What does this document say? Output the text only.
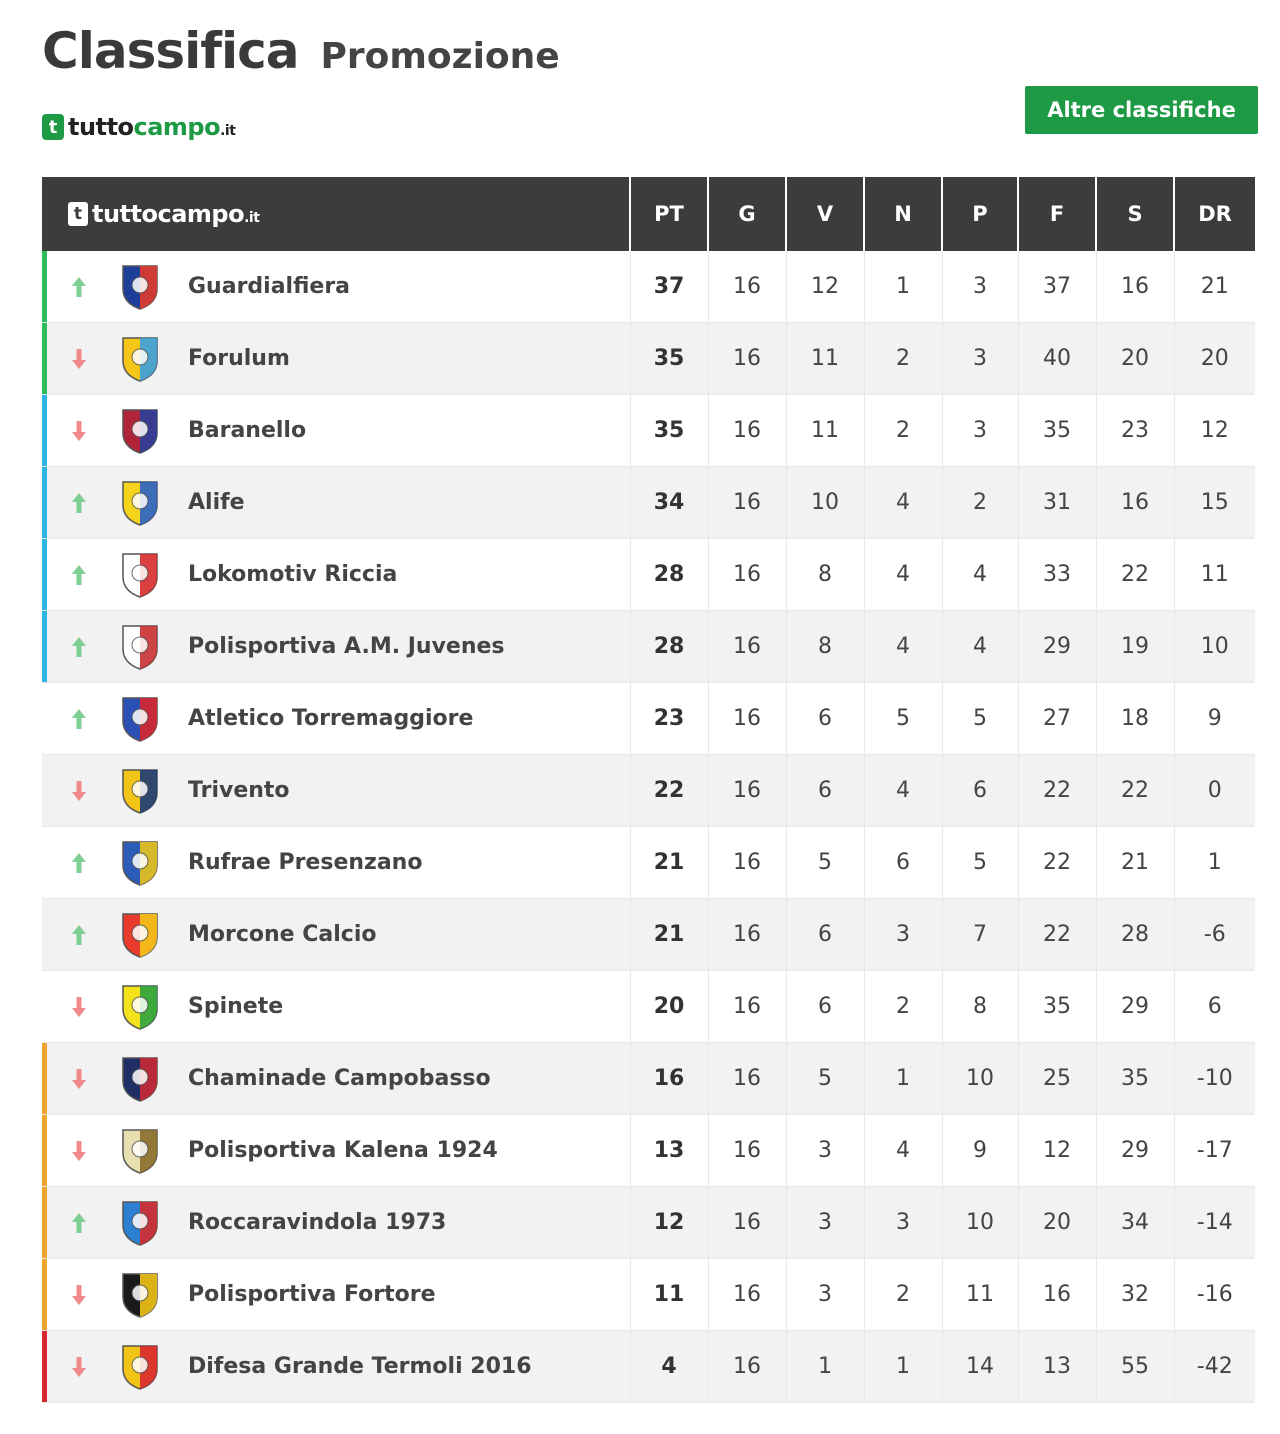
Classifica Promozione
t tuttocampo.it
Altre classifiche
t tuttocampo.it	PT	G	V	N	P	F	S	DR

Guardialfiera	37	16	12	1	3	37	16	21

Forulum	35	16	11	2	3	40	20	20

Baranello	35	16	11	2	3	35	23	12

Alife	34	16	10	4	2	31	16	15

Lokomotiv Riccia	28	16	8	4	4	33	22	11

Polisportiva A.M. Juvenes	28	16	8	4	4	29	19	10

Atletico Torremaggiore	23	16	6	5	5	27	18	9

Trivento	22	16	6	4	6	22	22	0

Rufrae Presenzano	21	16	5	6	5	22	21	1

Morcone Calcio	21	16	6	3	7	22	28	-6

Spinete	20	16	6	2	8	35	29	6

Chaminade Campobasso	16	16	5	1	10	25	35	-10

Polisportiva Kalena 1924	13	16	3	4	9	12	29	-17

Roccaravindola 1973	12	16	3	3	10	20	34	-14

Polisportiva Fortore	11	16	3	2	11	16	32	-16

Difesa Grande Termoli 2016	4	16	1	1	14	13	55	-42
